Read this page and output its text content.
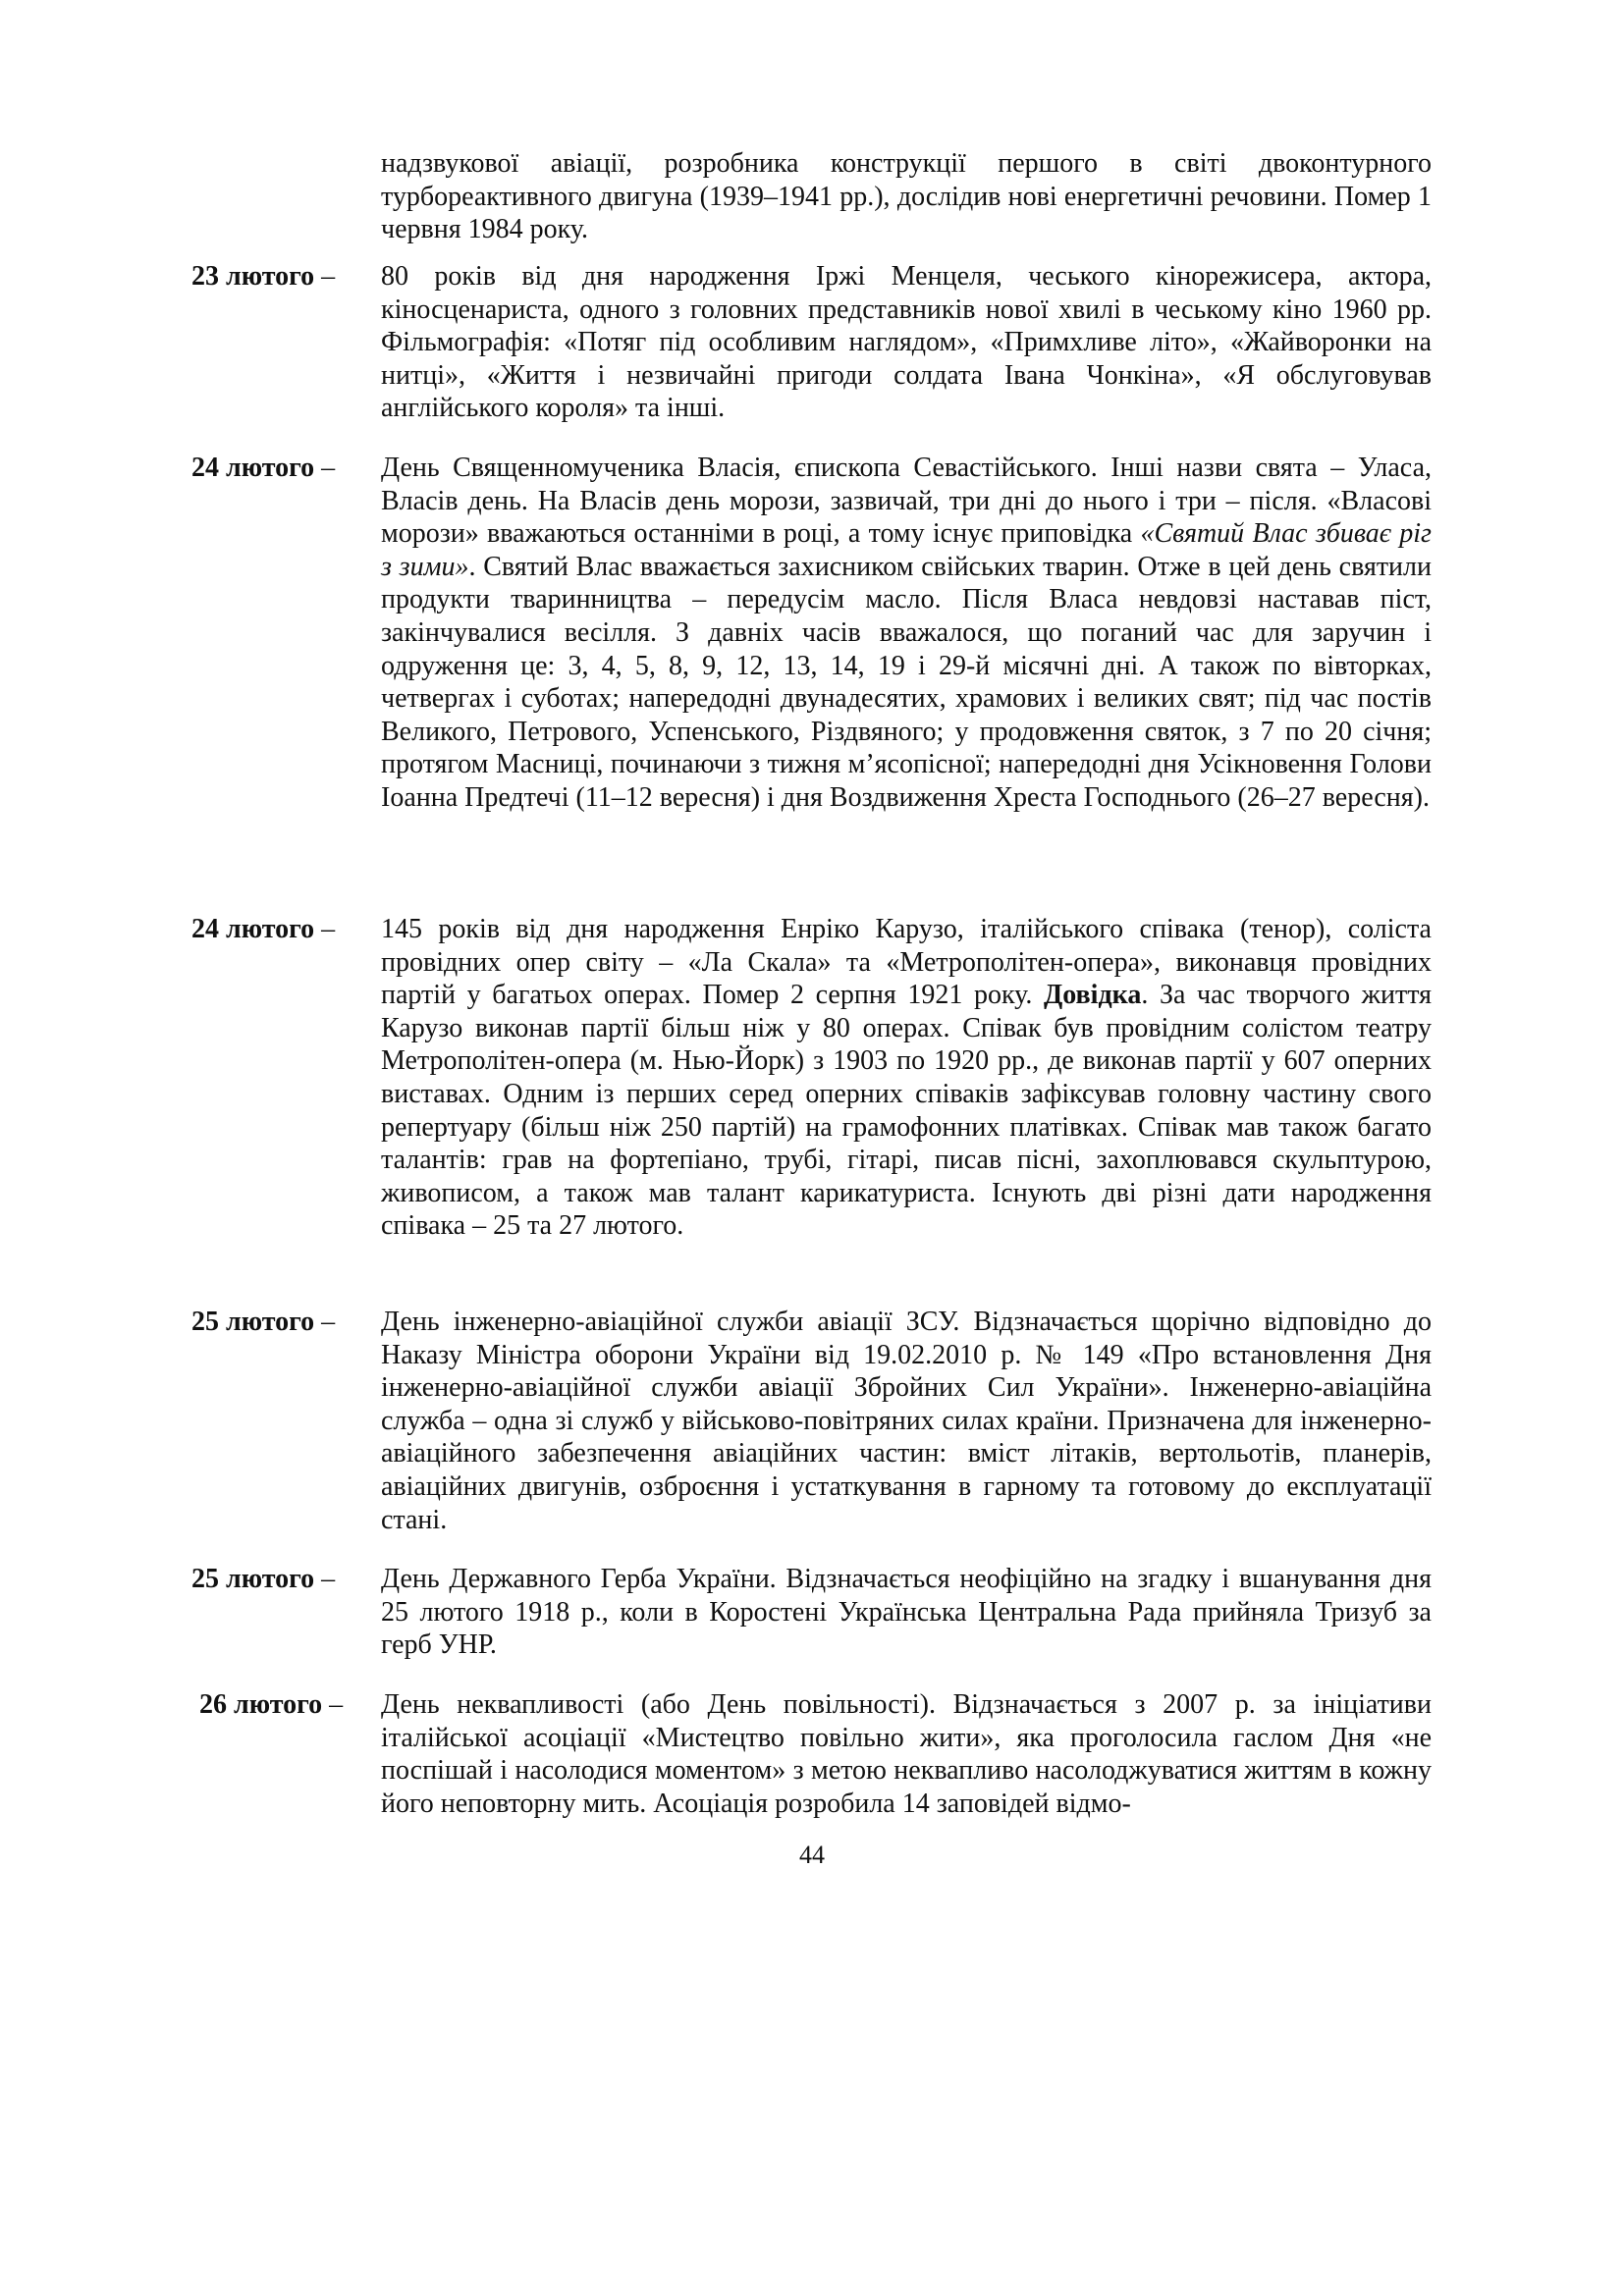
надзвукової авіації, розробника конструкції першого в світі двоконтурного турбореактивного двигуна (1939–1941 рр.), дослідив нові енергетичні речовини. Помер 1 червня 1984 року.
23 лютого – 80 років від дня народження Іржі Менцеля, чеського кінорежисера, актора, кіносценариста, одного з головних представників нової хвилі в чеському кіно 1960 рр. Фільмографія: «Потяг під особливим наглядом», «Примхливе літо», «Жайворонки на нитці», «Життя і незвичайні пригоди солдата Івана Чонкіна», «Я обслуговував англійського короля» та інші.
24 лютого – День Священномученика Власія, єпископа Севастійського. Інші назви свята – Уласа, Власів день. На Власів день морози, зазвичай, три дні до нього і три – після. «Власові морози» вважаються останніми в році, а тому існує приповідка «Святий Влас збиває ріг з зими». Святий Влас вважається захисником свійських тварин. Отже в цей день святили продукти тваринництва – передусім масло. Після Власа невдовзі наставав піст, закінчувалися весілля. З давніх часів вважалося, що поганий час для заручин і одруження це: 3, 4, 5, 8, 9, 12, 13, 14, 19 і 29-й місячні дні. А також по вівторках, четвергах і суботах; напередодні двунадесятих, храмових і великих свят; під час постів Великого, Петрового, Успенського, Різдвяного; у продовження святок, з 7 по 20 січня; протягом Масниці, починаючи з тижня м’ясопісної; напередодні дня Усікновення Голови Іоанна Предтечі (11–12 вересня) і дня Воздвиження Хреста Господнього (26–27 вересня).
24 лютого – 145 років від дня народження Енріко Карузо, італійського співака (тенор), соліста провідних опер світу – «Ла Скала» та «Метрополітен-опера», виконавця провідних партій у багатьох операх. Помер 2 серпня 1921 року. Довідка. За час творчого життя Карузо виконав партії більш ніж у 80 операх. Співак був провідним солістом театру Метрополітен-опера (м. Нью-Йорк) з 1903 по 1920 рр., де виконав партії у 607 оперних виставах. Одним із перших серед оперних співаків зафіксував головну частину свого репертуару (більш ніж 250 партій) на грамофонних платівках. Співак мав також багато талантів: грав на фортепіано, трубі, гітарі, писав пісні, захоплювався скульптурою, живописом, а також мав талант карикатуриста. Існують дві різні дати народження співака – 25 та 27 лютого.
25 лютого – День інженерно-авіаційної служби авіації ЗСУ. Відзначається щорічно відповідно до Наказу Міністра оборони України від 19.02.2010 р. № 149 «Про встановлення Дня інженерно-авіаційної служби авіації Збройних Сил України». Інженерно-авіаційна служба – одна зі служб у військово-повітряних силах країни. Призначена для інженерно-авіаційного забезпечення авіаційних частин: вміст літаків, вертольотів, планерів, авіаційних двигунів, озброєння і устаткування в гарному та готовому до експлуатації стані.
25 лютого – День Державного Герба України. Відзначається неофіційно на згадку і вшанування дня 25 лютого 1918 р., коли в Коростені Українська Центральна Рада прийняла Тризуб за герб УНР.
26 лютого – День неквапливості (або День повільності). Відзначається з 2007 р. за ініціативи італійської асоціації «Мистецтво повільно жити», яка проголосила гаслом Дня «не поспішай і насолодися моментом» з метою неквапливо насолоджуватися життям в кожну його неповторну мить. Асоціація розробила 14 заповідей відмо-
44
